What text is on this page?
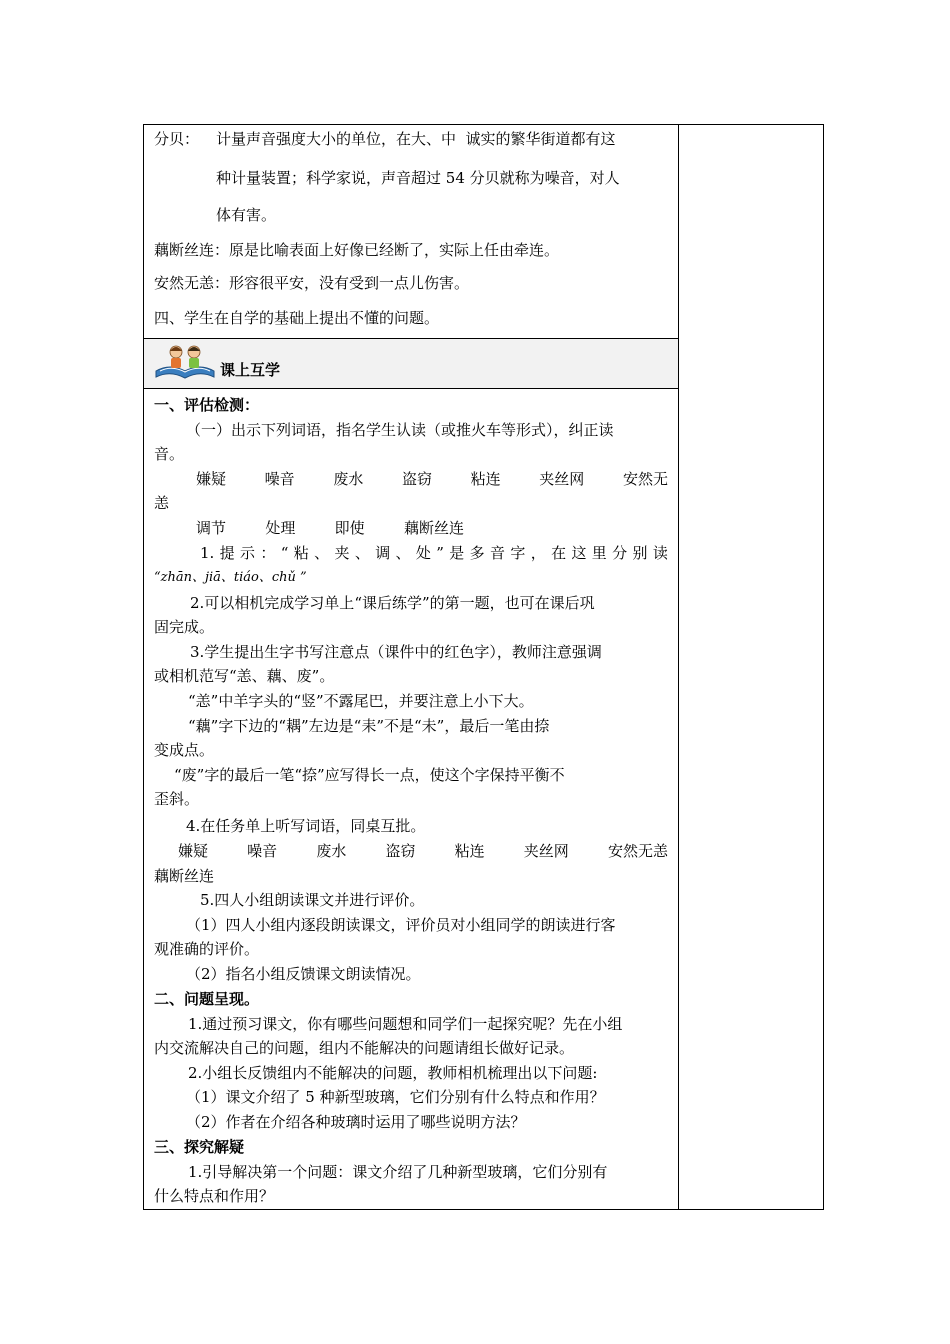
分贝： 计量声音强度大小的单位，在大、中  诚实的繁华街道都有这
种计量装置；科学家说，声音超过 54 分贝就称为噪音，对人
体有害。
藕断丝连：原是比喻表面上好像已经断了，实际上任由牵连。
安然无恙：形容很平安，没有受到一点儿伤害。
四、学生在自学的基础上提出不懂的问题。
课上互学
一、评估检测：
（一）出示下列词语，指名学生认读（或推火车等形式），纠正读
音。
嫌疑	噪音	废水	盗窃	粘连	夹丝网	安然无
恙
调节	处理	即使	藕断丝连
1. 提 示 ： “ 粘 、 夹 、 调 、 处 ” 是 多 音 字 ， 在 这 里 分 别 读
“zhān、jiā、tiáo、chǔ ”
2.可以相机完成学习单上“课后练学”的第一题，也可在课后巩
固完成。
3.学生提出生字书写注意点（课件中的红色字），教师注意强调
或相机范写“恙、藕、废”。
“恙”中羊字头的“竖”不露尾巴，并要注意上小下大。
“藕”字下边的“耦”左边是“耒”不是“未”，最后一笔由捺
变成点。
“废”字的最后一笔“捺”应写得长一点，使这个字保持平衡不
歪斜。
4.在任务单上听写词语，同桌互批。
嫌疑	噪音	废水	盗窃	粘连	夹丝网	安然无恙
藕断丝连
5.四人小组朗读课文并进行评价。
（1）四人小组内逐段朗读课文，评价员对小组同学的朗读进行客
观准确的评价。
（2）指名小组反馈课文朗读情况。
二、问题呈现。
1.通过预习课文，你有哪些问题想和同学们一起探究呢？先在小组
内交流解决自己的问题，组内不能解决的问题请组长做好记录。
2.小组长反馈组内不能解决的问题，教师相机梳理出以下问题:
（1）课文介绍了 5 种新型玻璃，它们分别有什么特点和作用？
（2）作者在介绍各种玻璃时运用了哪些说明方法？
三、探究解疑
1.引导解决第一个问题：课文介绍了几种新型玻璃，它们分别有
什么特点和作用？
